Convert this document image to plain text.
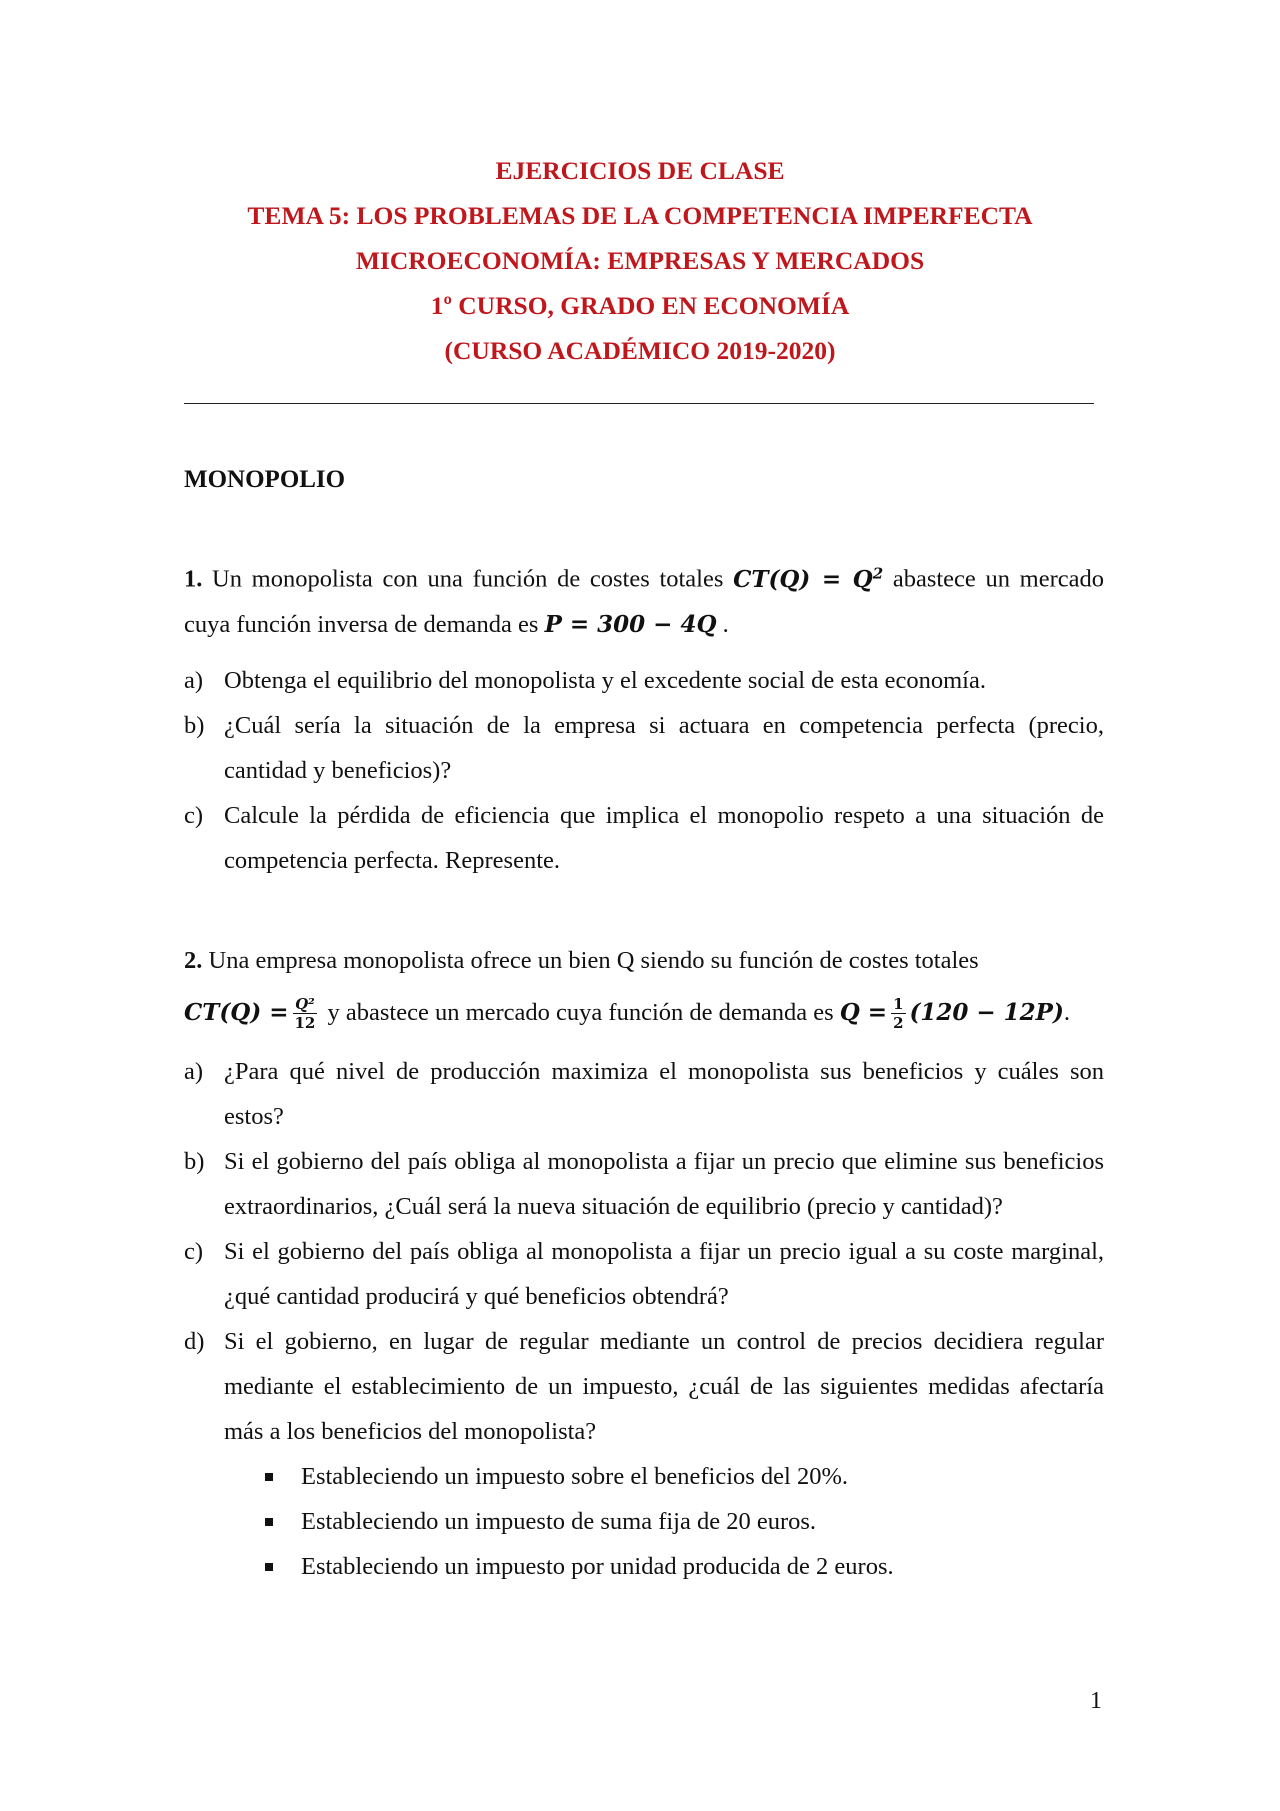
EJERCICIOS DE CLASE
TEMA 5: LOS PROBLEMAS DE LA COMPETENCIA IMPERFECTA
MICROECONOMÍA: EMPRESAS Y MERCADOS
1º CURSO, GRADO EN ECONOMÍA
(CURSO ACADÉMICO 2019-2020)
MONOPOLIO
1. Un monopolista con una función de costes totales $CT(Q) = Q^2$ abastece un mercado cuya función inversa de demanda es P = 300 − 4Q .
a) Obtenga el equilibrio del monopolista y el excedente social de esta economía.
b) ¿Cuál sería la situación de la empresa si actuara en competencia perfecta (precio, cantidad y beneficios)?
c) Calcule la pérdida de eficiencia que implica el monopolio respeto a una situación de competencia perfecta. Represente.
2. Una empresa monopolista ofrece un bien Q siendo su función de costes totales
$CT(Q) = \frac{\text{Q²}}{12}$ y abastece un mercado cuya función de demanda es $Q = \frac{1}{2} (120 - 12P)$.
a) ¿Para qué nivel de producción maximiza el monopolista sus beneficios y cuáles son estos?
b) Si el gobierno del país obliga al monopolista a fijar un precio que elimine sus beneficios extraordinarios, ¿Cuál será la nueva situación de equilibrio (precio y cantidad)?
c) Si el gobierno del país obliga al monopolista a fijar un precio igual a su coste marginal, ¿qué cantidad producirá y qué beneficios obtendrá?
d) Si el gobierno, en lugar de regular mediante un control de precios decidiera regular mediante el establecimiento de un impuesto, ¿cuál de las siguientes medidas afectaría más a los beneficios del monopolista?
Estableciendo un impuesto sobre el beneficios del 20%.
Estableciendo un impuesto de suma fija de 20 euros.
Estableciendo un impuesto por unidad producida de 2 euros.
1
